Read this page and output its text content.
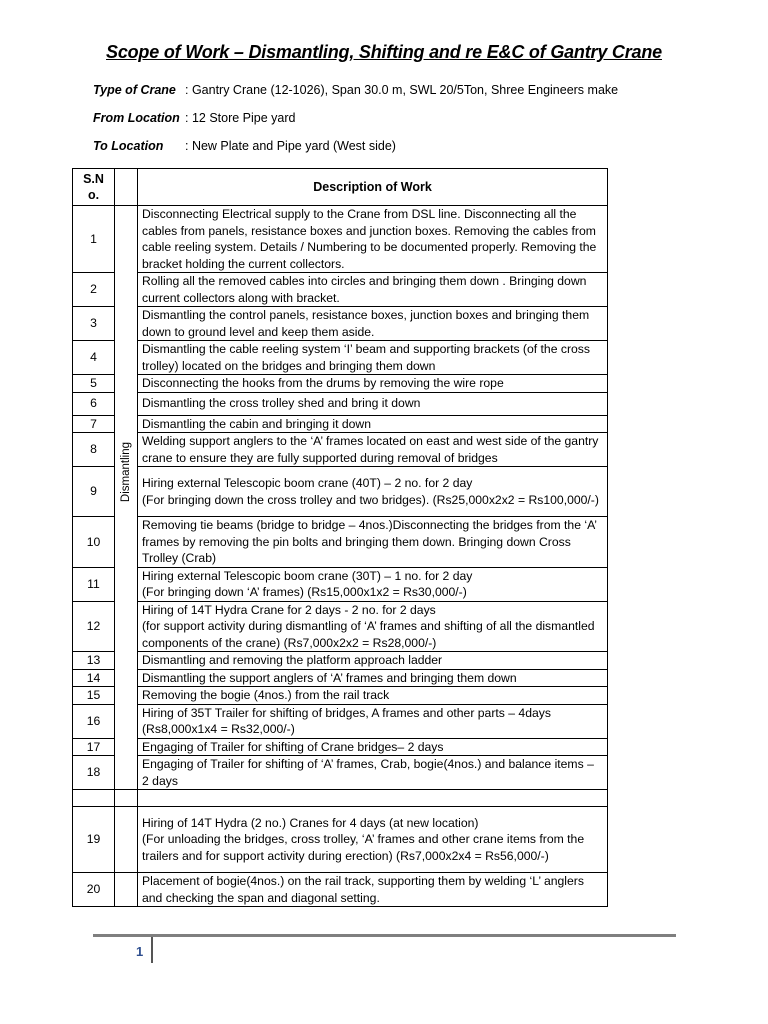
Scope of Work – Dismantling, Shifting and re E&C of Gantry Crane
Type of Crane : Gantry Crane (12-1026), Span 30.0 m, SWL 20/5Ton, Shree Engineers make
From Location : 12 Store Pipe yard
To Location : New Plate and Pipe yard (West side)
S.N
o.		Description of Work
1	Dismantling	Disconnecting Electrical supply to the Crane from DSL line. Disconnecting all the cables from panels, resistance boxes and junction boxes. Removing the cables from cable reeling system. Details / Numbering to be documented properly. Removing the bracket holding the current collectors.
2		Rolling all the removed cables into circles and bringing them down . Bringing down current collectors along with bracket.
3		Dismantling the control panels, resistance boxes, junction boxes and bringing them down to ground level and keep them aside.
4		Dismantling the cable reeling system ‘I’ beam and supporting brackets (of the cross trolley) located on the bridges and bringing them down
5		Disconnecting the hooks from the drums by removing the wire rope
6		Dismantling the cross trolley shed and bring it down
7		Dismantling the cabin and bringing it down
8		Welding support anglers to the ‘A’ frames located on east and west side of the gantry crane to ensure they are fully supported during removal of bridges
9		Hiring external Telescopic boom crane (40T) – 2 no. for 2 day
(For bringing down the cross trolley and two bridges). (Rs25,000x2x2 = Rs100,000/-)
10		Removing tie beams (bridge to bridge – 4nos.)Disconnecting the bridges from the ‘A’ frames by removing the pin bolts and bringing them down. Bringing down Cross Trolley (Crab)
11		Hiring external Telescopic boom crane (30T) – 1 no. for 2 day
(For bringing down ‘A’ frames) (Rs15,000x1x2 = Rs30,000/-)
12		Hiring of 14T Hydra Crane for 2 days - 2 no. for 2 days
(for support activity during dismantling of ‘A’ frames and shifting of all the dismantled components of the crane) (Rs7,000x2x2 = Rs28,000/-)
13		Dismantling and removing the platform approach ladder
14		Dismantling the support anglers of ‘A’ frames and bringing them down
15		Removing the bogie (4nos.) from the rail track
16		Hiring of 35T Trailer for shifting of bridges, A frames and other parts – 4days (Rs8,000x1x4 = Rs32,000/-)
17		Engaging of Trailer for shifting of Crane bridges– 2 days
18		Engaging of Trailer for shifting of ‘A’ frames, Crab, bogie(4nos.) and balance items – 2 days

19		Hiring of 14T Hydra (2 no.) Cranes for 4 days (at new location)
(For unloading the bridges, cross trolley, ‘A’ frames and other crane items from the trailers and for support activity during erection) (Rs7,000x2x4 = Rs56,000/-)
20		Placement of bogie(4nos.) on the rail track, supporting them by welding ‘L’ anglers and checking the span and diagonal setting.
1
